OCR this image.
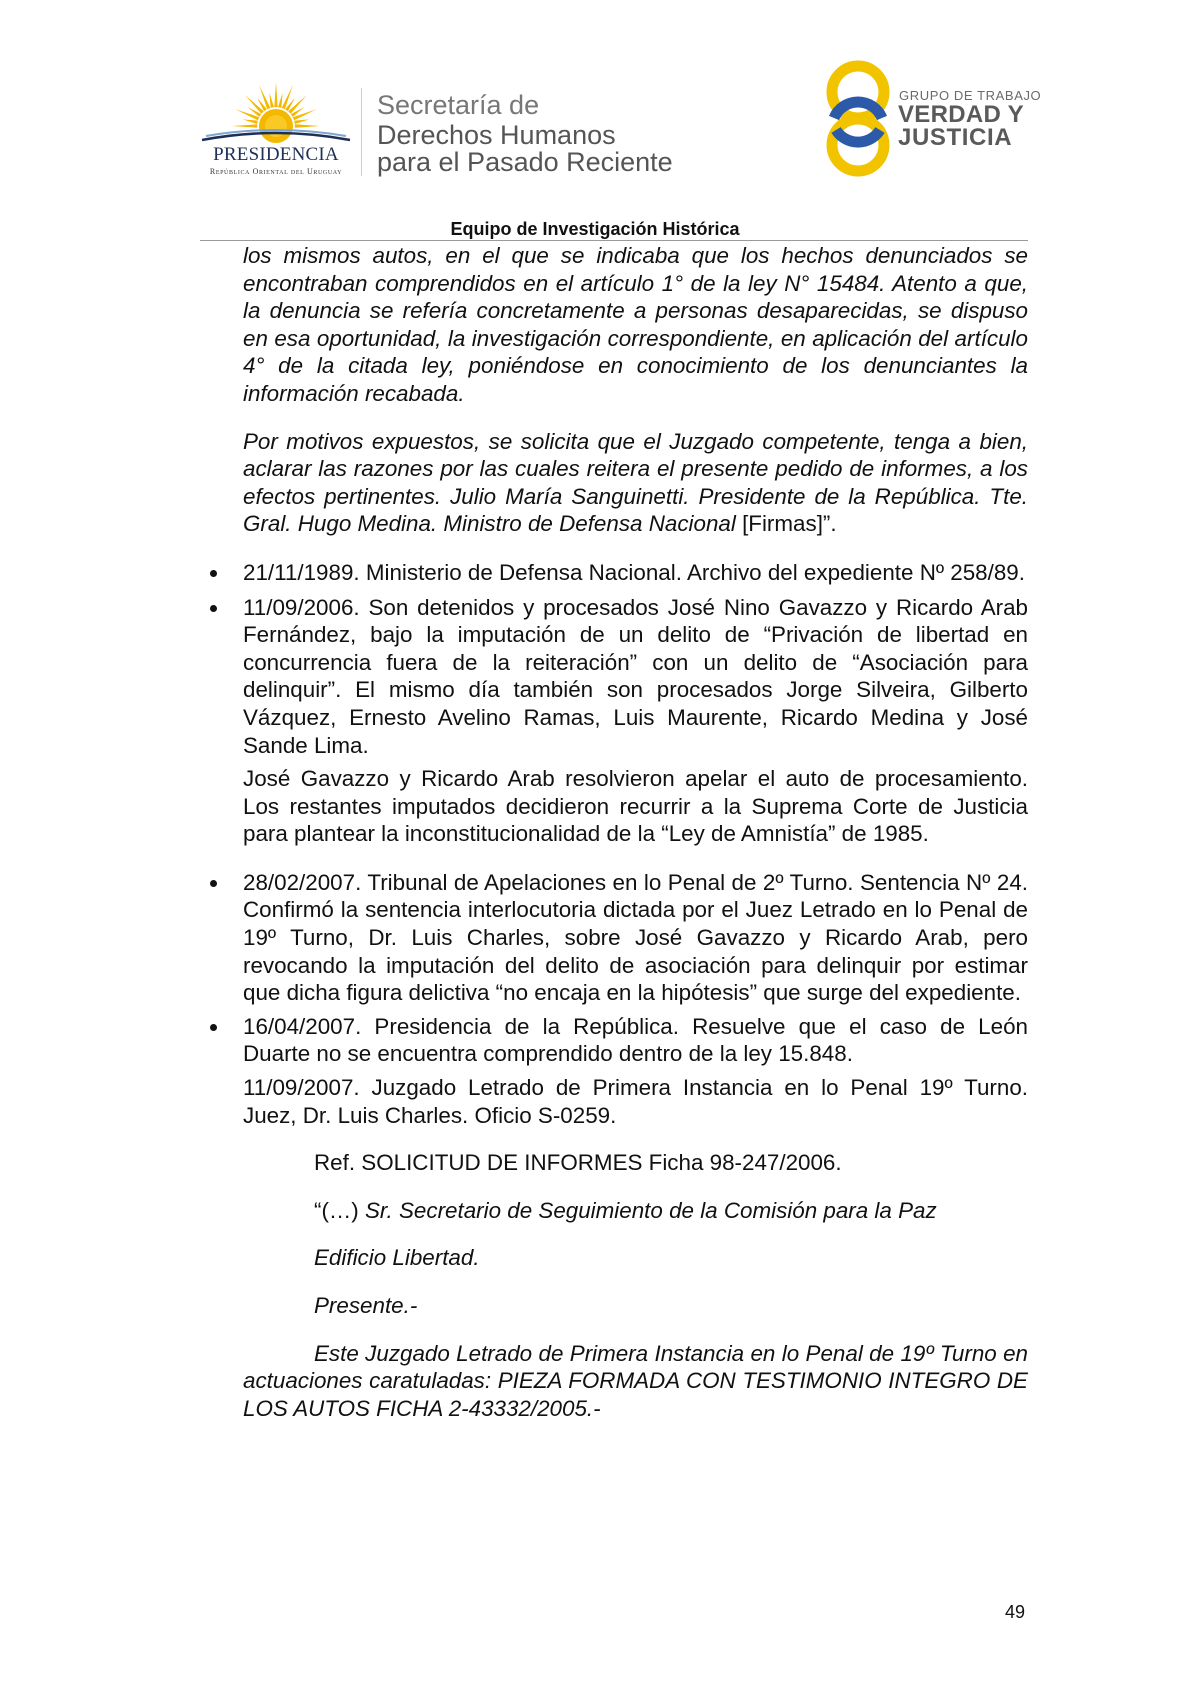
PRESIDENCIA
República Oriental del Uruguay
Secretaría de
Derechos Humanos
para el Pasado Reciente
GRUPO DE TRABAJO
VERDAD Y
JUSTICIA
Equipo de Investigación Histórica

los mismos autos, en el que se indicaba que los hechos denunciados se encontraban comprendidos en el artículo 1° de la ley N° 15484. Atento a que, la denuncia se refería concretamente a personas desaparecidas, se dispuso en esa oportunidad, la investigación correspondiente, en aplicación del artículo 4° de la citada ley, poniéndose en conocimiento de los denunciantes la información recabada.

Por motivos expuestos, se solicita que el Juzgado competente, tenga a bien, aclarar las razones por las cuales reitera el presente pedido de informes, a los efectos pertinentes. Julio María Sanguinetti. Presidente de la República. Tte. Gral. Hugo Medina. Ministro de Defensa Nacional [Firmas]”.

21/11/1989. Ministerio de Defensa Nacional. Archivo del expediente Nº 258/89.

11/09/2006. Son detenidos y procesados José Nino Gavazzo y Ricardo Arab Fernández, bajo la imputación de un delito de “Privación de libertad en concurrencia fuera de la reiteración” con un delito de “Asociación para delinquir”. El mismo día también son procesados Jorge Silveira, Gilberto Vázquez, Ernesto Avelino Ramas, Luis Maurente, Ricardo Medina y José Sande Lima.

José Gavazzo y Ricardo Arab resolvieron apelar el auto de procesamiento. Los restantes imputados decidieron recurrir a la Suprema Corte de Justicia para plantear la inconstitucionalidad de la “Ley de Amnistía” de 1985.

28/02/2007. Tribunal de Apelaciones en lo Penal de 2º Turno. Sentencia Nº 24. Confirmó la sentencia interlocutoria dictada por el Juez Letrado en lo Penal de 19º Turno, Dr. Luis Charles, sobre José Gavazzo y Ricardo Arab, pero revocando la imputación del delito de asociación para delinquir por estimar que dicha figura delictiva “no encaja en la hipótesis” que surge del expediente.

16/04/2007. Presidencia de la República. Resuelve que el caso de León Duarte no se encuentra comprendido dentro de la ley 15.848.

11/09/2007. Juzgado Letrado de Primera Instancia en lo Penal 19º Turno. Juez, Dr. Luis Charles. Oficio S-0259.

Ref. SOLICITUD DE INFORMES Ficha 98-247/2006.

“(…) Sr. Secretario de Seguimiento de la Comisión para la Paz

Edificio Libertad.

Presente.-

Este Juzgado Letrado de Primera Instancia en lo Penal de 19º Turno en actuaciones caratuladas: PIEZA FORMADA CON TESTIMONIO INTEGRO DE LOS AUTOS FICHA 2-43332/2005.-

49
